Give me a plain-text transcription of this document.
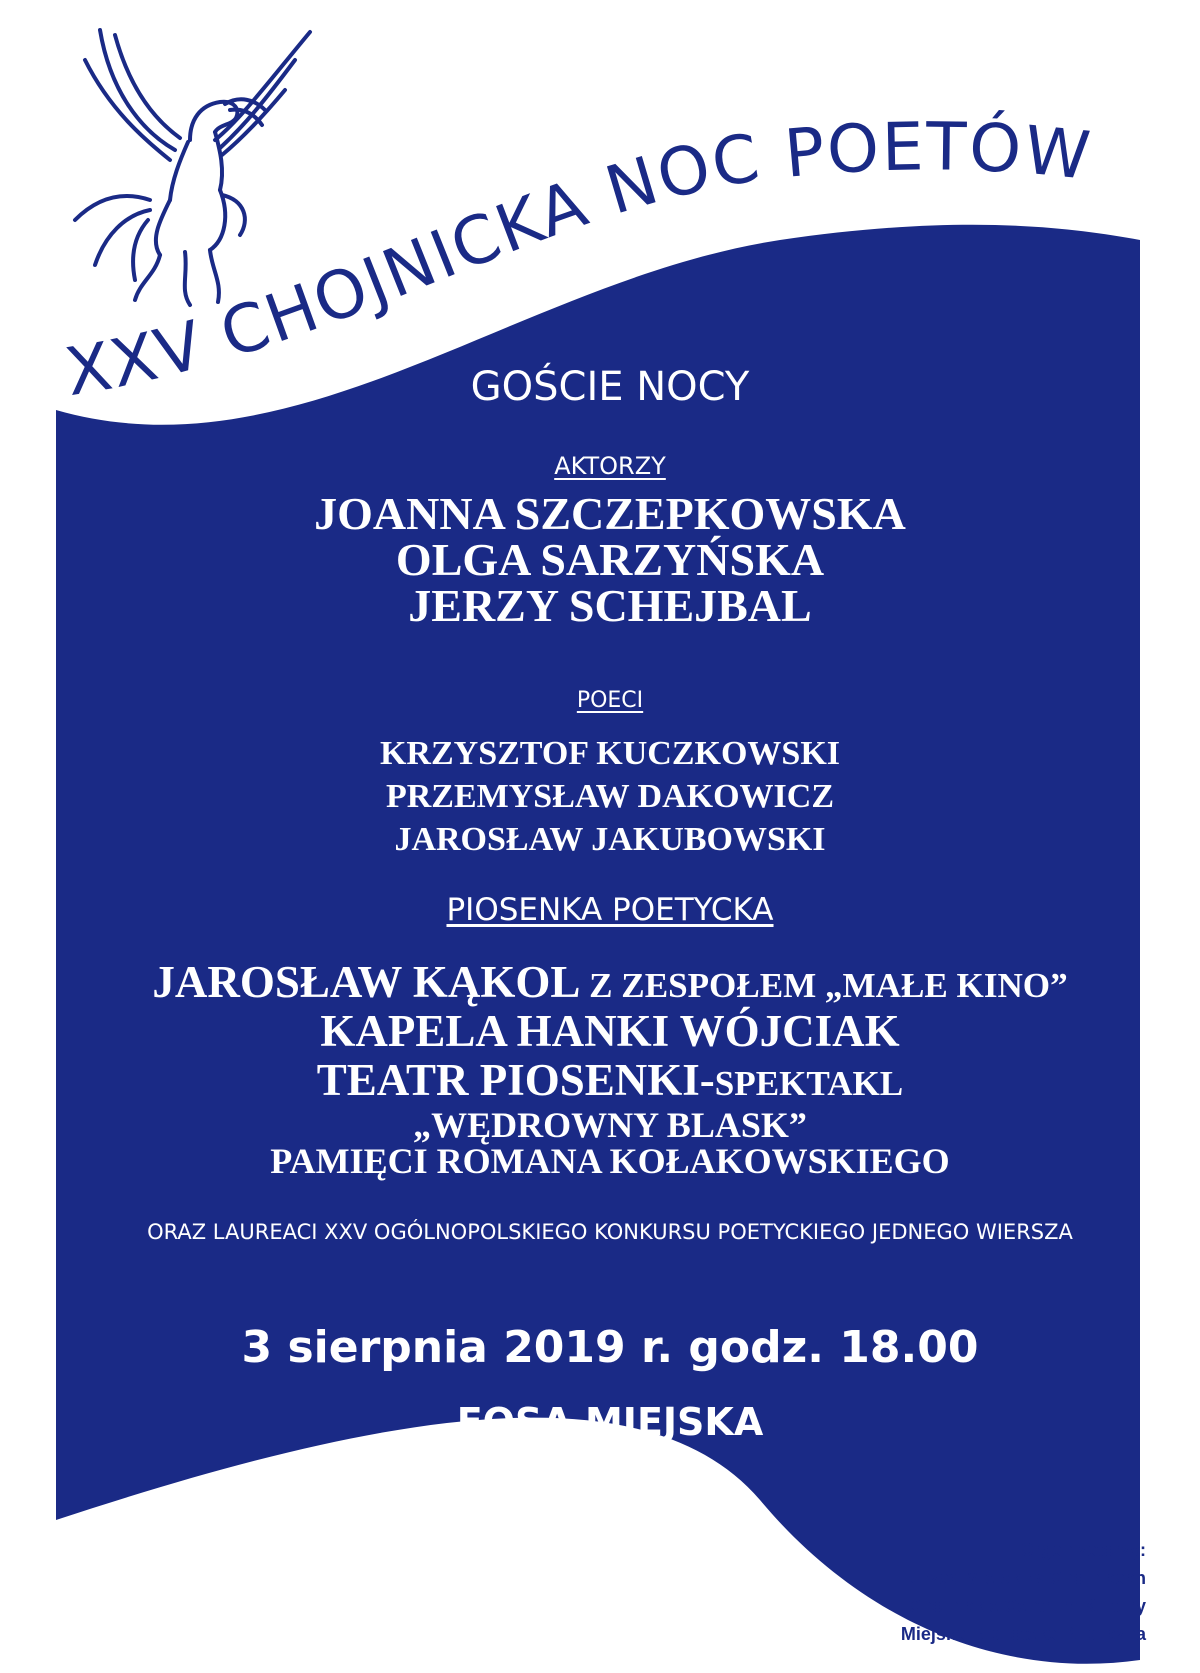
XXV CHOJNICKA NOC POETÓW
GOŚCIE NOCY
AKTORZY
JOANNA SZCZEPKOWSKA
OLGA SARZYŃSKA
JERZY SCHEJBAL
POECI
KRZYSZTOF KUCZKOWSKI
PRZEMYSŁAW DAKOWICZ
JAROSŁAW JAKUBOWSKI
PIOSENKA POETYCKA
JAROSŁAW KĄKOL Z ZESPOŁEM „MAŁE KINO”
KAPELA HANKI WÓJCIAK
TEATR PIOSENKI-SPEKTAKL
„WĘDROWNY BLASK”
PAMIĘCI ROMANA KOŁAKOWSKIEGO
ORAZ LAUREACI XXV OGÓLNOPOLSKIEGO KONKURSU POETYCKIEGO JEDNEGO WIERSZA
3 sierpnia 2019 r. godz. 18.00
FOSA MIEJSKA
Organizatorzy:
Urząd Miejski w Chojnicach
Chojnickie Centrum Kultury
Miejska Biblioteka Publiczna
